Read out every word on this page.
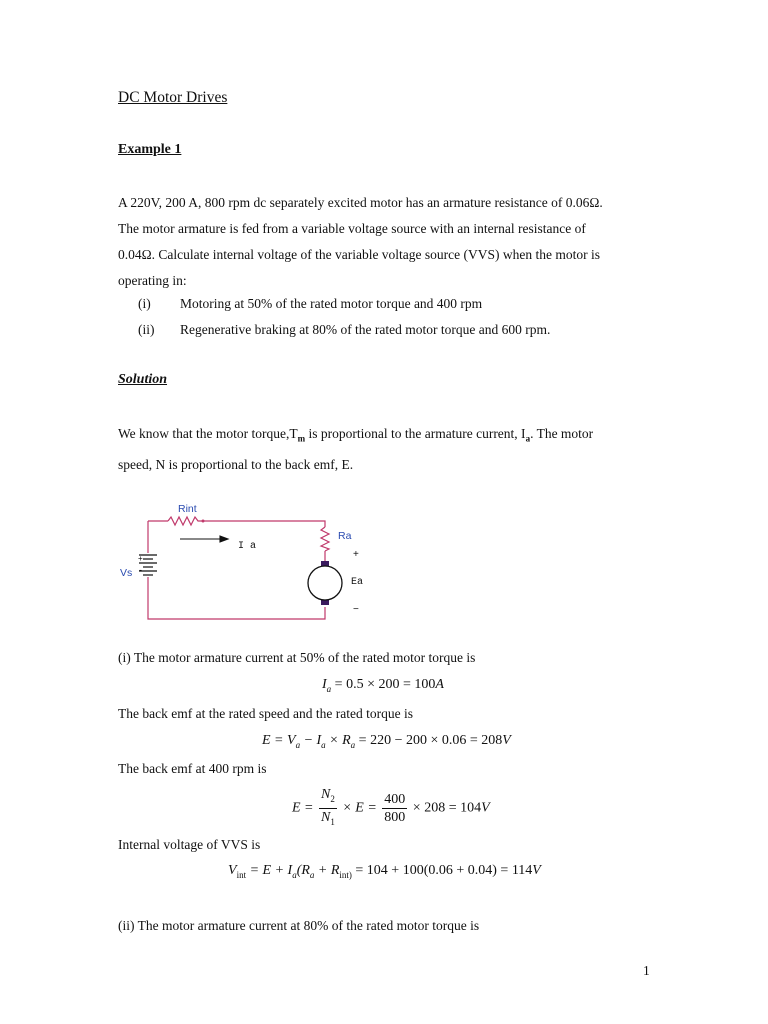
DC Motor Drives
Example 1

A 220V, 200 A, 800 rpm dc separately excited motor has an armature resistance of 0.06Ω.

The motor armature is fed from a variable voltage source with an internal resistance of

0.04Ω. Calculate internal voltage of the variable voltage source (VVS) when the motor is

operating in:

(i) Motoring at 50% of the rated motor torque and 400 rpm
(ii) Regenerative braking at 80% of the rated motor torque and 600 rpm.
Solution

We know that the motor $torque,T_m$ is proportional to the armature current, $I_a$. The motor

speed, N is proportional to the back emf, E.

Rint
Ra
I a
Vs
+
-
Ea
+
−
(i) The motor armature current at 50% of the rated motor torque is
$I_a = 0.5 \times 200 = 100A$
The back emf at the rated speed and the rated torque is
$E = V_a - I_a \times R_a = 220 - 200 \times 0.06 = 208V$
The back emf at 400 rpm is
$E = \frac{N_2}{N_1} \times E = \frac{400}{800} \times 208 = 104V$
Internal voltage of VVS is
$V_{int} = E + I_a(R_a + R_{int)} = 104 + 100(0.06 + 0.04) = 114V$
(ii) The motor armature current at 80% of the rated motor torque is
1
